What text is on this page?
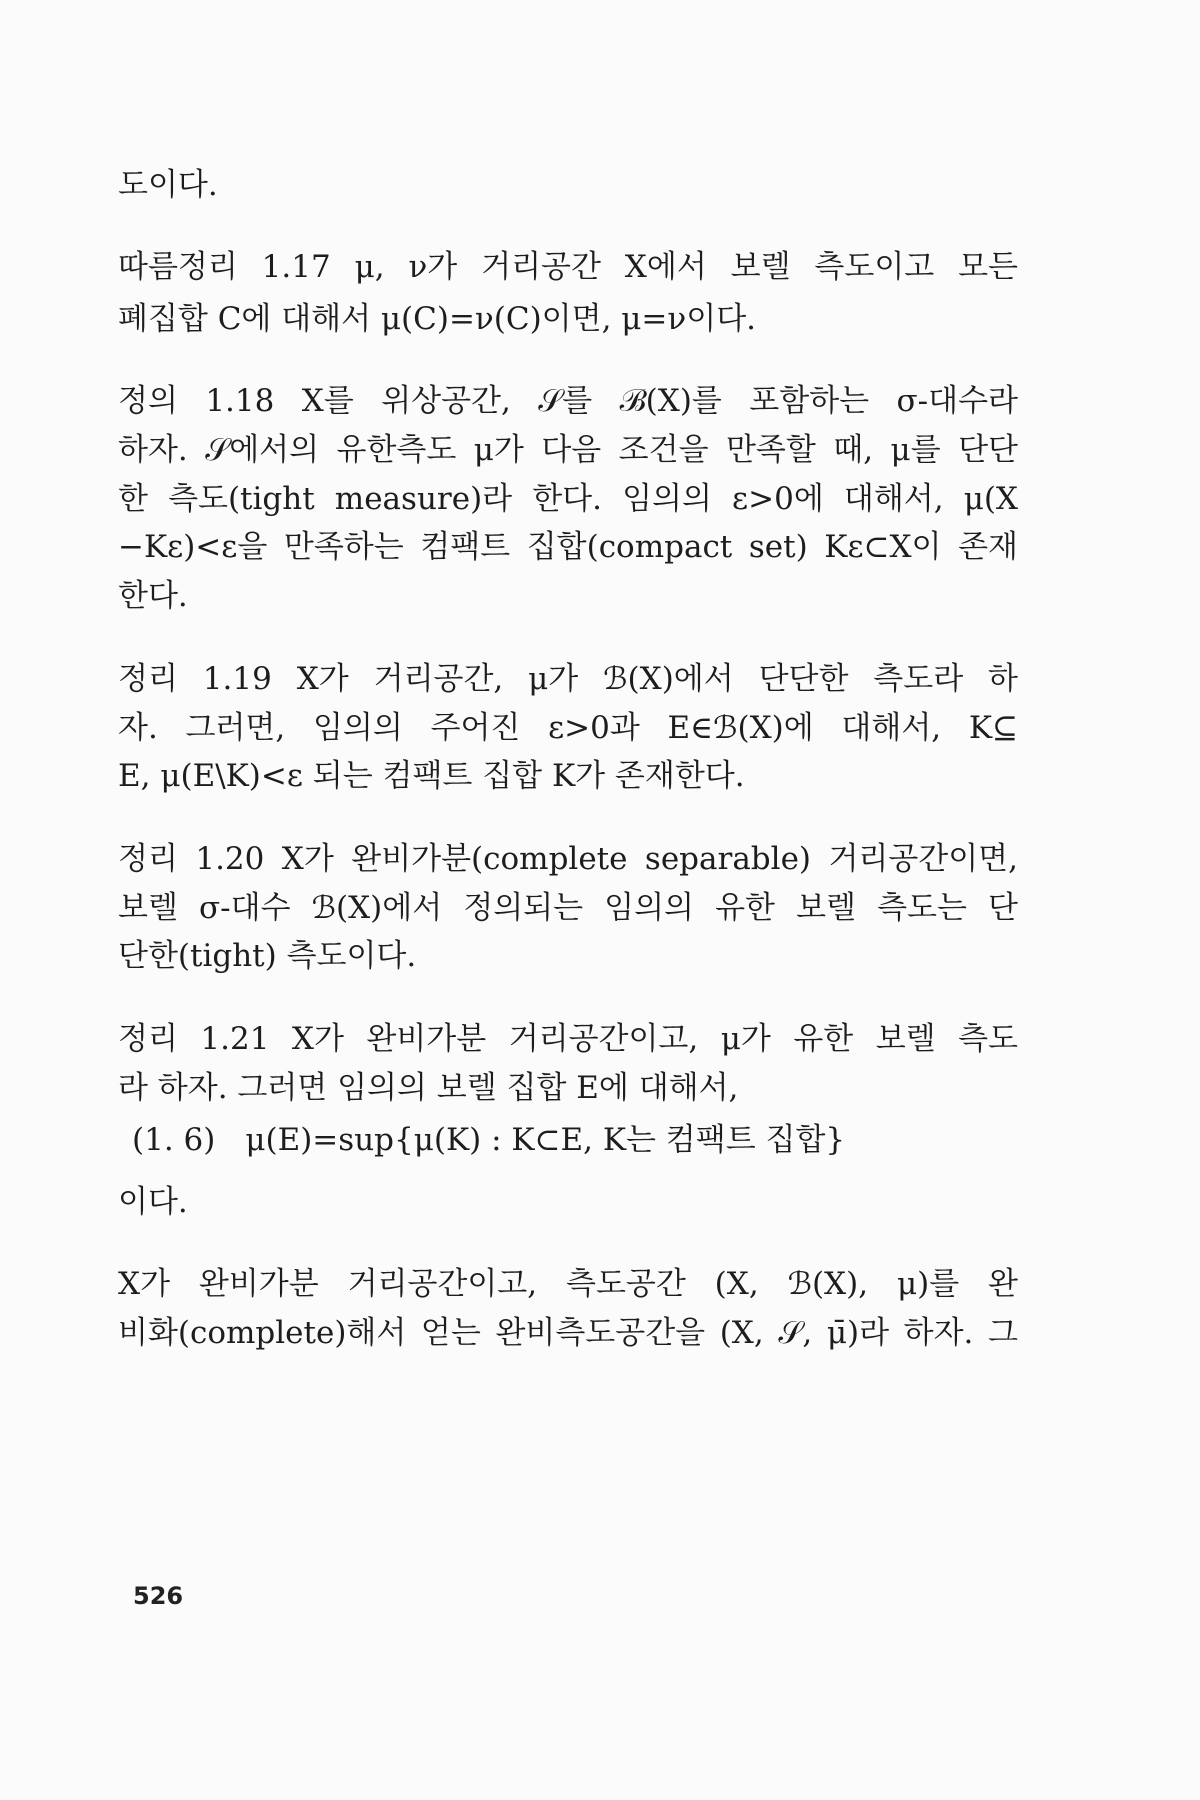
도이다.
따름정리 1.17 μ, ν가 거리공간 X에서 보렐 측도이고 모든
폐집합 C에 대해서 μ(C)=ν(C)이면, μ=ν이다.
정의 1.18 X를 위상공간, 𝒮를 ℬ(X)를 포함하는 σ-대수라
하자. 𝒮에서의 유한측도 μ가 다음 조건을 만족할 때, μ를 단단
한 측도(tight measure)라 한다. 임의의 ε>0에 대해서, μ(X
−Kε)<ε을 만족하는 컴팩트 집합(compact set) Kε⊂X이 존재
한다.
정리 1.19 X가 거리공간, μ가 ℬ(X)에서 단단한 측도라 하
자. 그러면, 임의의 주어진 ε>0과 E∈ℬ(X)에 대해서, K⊆
E, μ(E\K)<ε 되는 컴팩트 집합 K가 존재한다.
정리 1.20 X가 완비가분(complete separable) 거리공간이면,
보렐 σ-대수 ℬ(X)에서 정의되는 임의의 유한 보렐 측도는 단
단한(tight) 측도이다.
정리 1.21 X가 완비가분 거리공간이고, μ가 유한 보렐 측도
라 하자. 그러면 임의의 보렐 집합 E에 대해서,
(1. 6) μ(E)=sup{μ(K) : K⊂E, K는 컴팩트 집합}
이다.
X가 완비가분 거리공간이고, 측도공간 (X, ℬ(X), μ)를 완
비화(complete)해서 얻는 완비측도공간을 (X, 𝒮, μ̄)라 하자. 그
526
